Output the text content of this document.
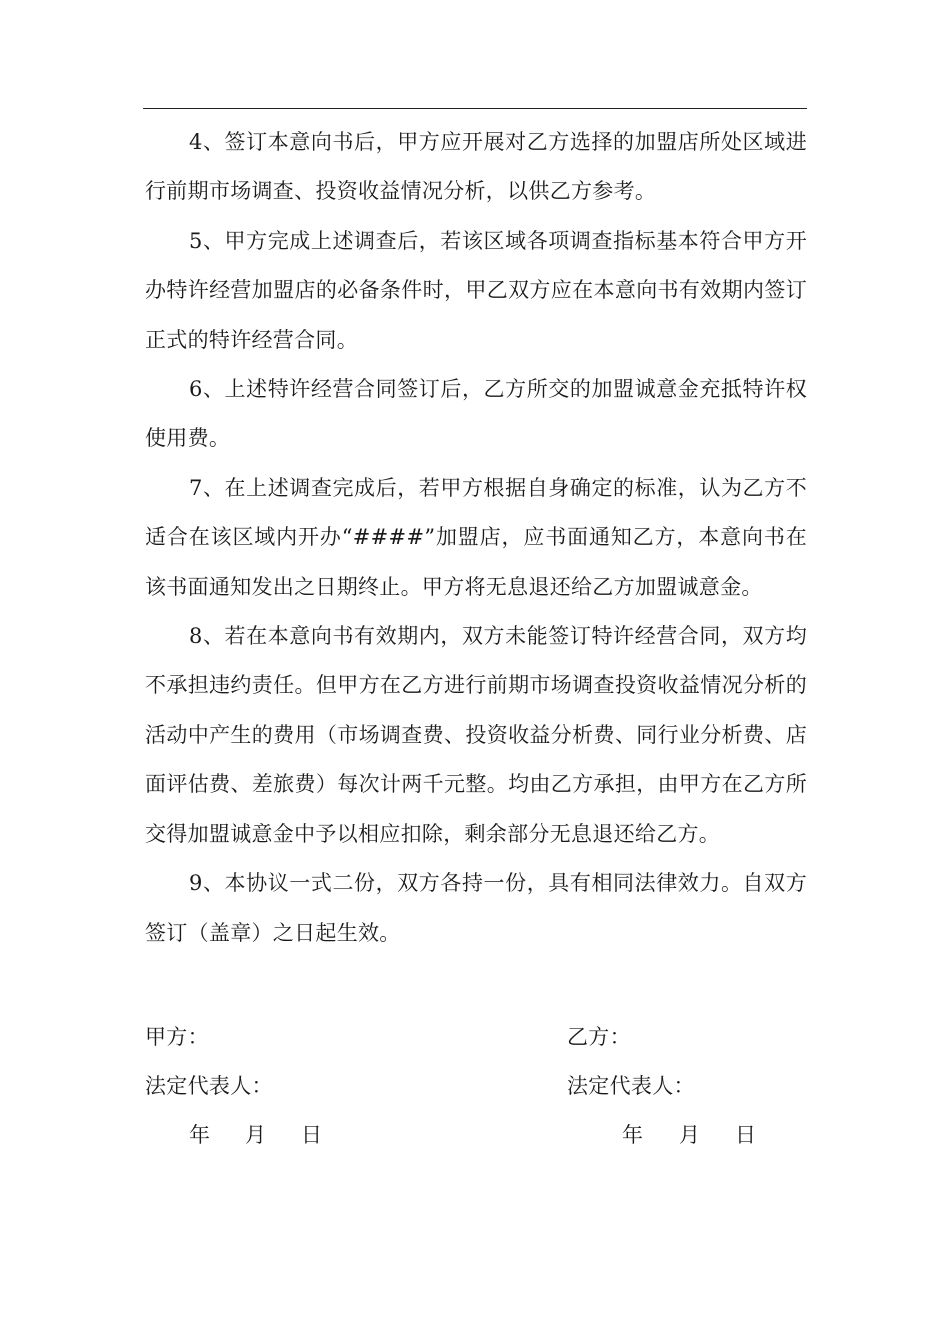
4、签订本意向书后，甲方应开展对乙方选择的加盟店所处区域进行前期市场调查、投资收益情况分析，以供乙方参考。

5、甲方完成上述调查后，若该区域各项调查指标基本符合甲方开办特许经营加盟店的必备条件时，甲乙双方应在本意向书有效期内签订正式的特许经营合同。

6、上述特许经营合同签订后，乙方所交的加盟诚意金充抵特许权使用费。

7、在上述调查完成后，若甲方根据自身确定的标准，认为乙方不适合在该区域内开办“####”加盟店，应书面通知乙方，本意向书在该书面通知发出之日期终止。甲方将无息退还给乙方加盟诚意金。

8、若在本意向书有效期内，双方未能签订特许经营合同，双方均不承担违约责任。但甲方在乙方进行前期市场调查投资收益情况分析的活动中产生的费用（市场调查费、投资收益分析费、同行业分析费、店面评估费、差旅费）每次计两千元整。均由乙方承担，由甲方在乙方所交得加盟诚意金中予以相应扣除，剩余部分无息退还给乙方。

9、本协议一式二份，双方各持一份，具有相同法律效力。自双方签订（盖章）之日起生效。

甲方：	乙方：
法定代表人：	法定代表人：
年 月 日	年 月 日
